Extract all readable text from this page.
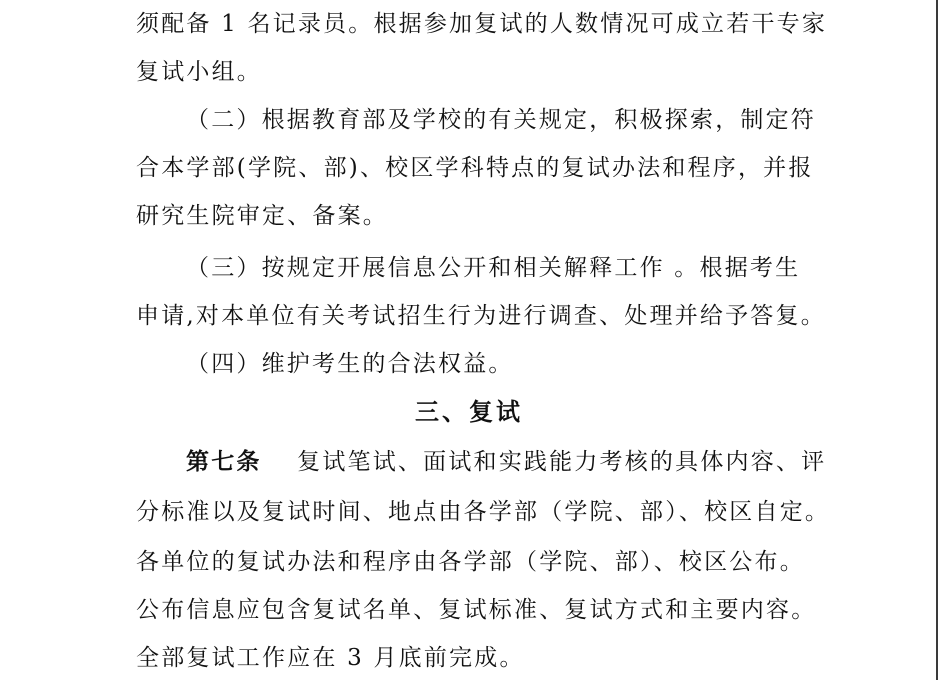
须配备 1 名记录员。根据参加复试的人数情况可成立若干专家
复试小组。
（二）根据教育部及学校的有关规定，积极探索，制定符
合本学部(学院、部)、校区学科特点的复试办法和程序，并报
研究生院审定、备案。
（三）按规定开展信息公开和相关解释工作 。根据考生
申请,对本单位有关考试招生行为进行调查、处理并给予答复。
（四）维护考生的合法权益。
三、复试
第七条 复试笔试、面试和实践能力考核的具体内容、评
分标准以及复试时间、地点由各学部（学院、部）、校区自定。
各单位的复试办法和程序由各学部（学院、部）、校区公布。
公布信息应包含复试名单、复试标准、复试方式和主要内容。
全部复试工作应在 3 月底前完成。
